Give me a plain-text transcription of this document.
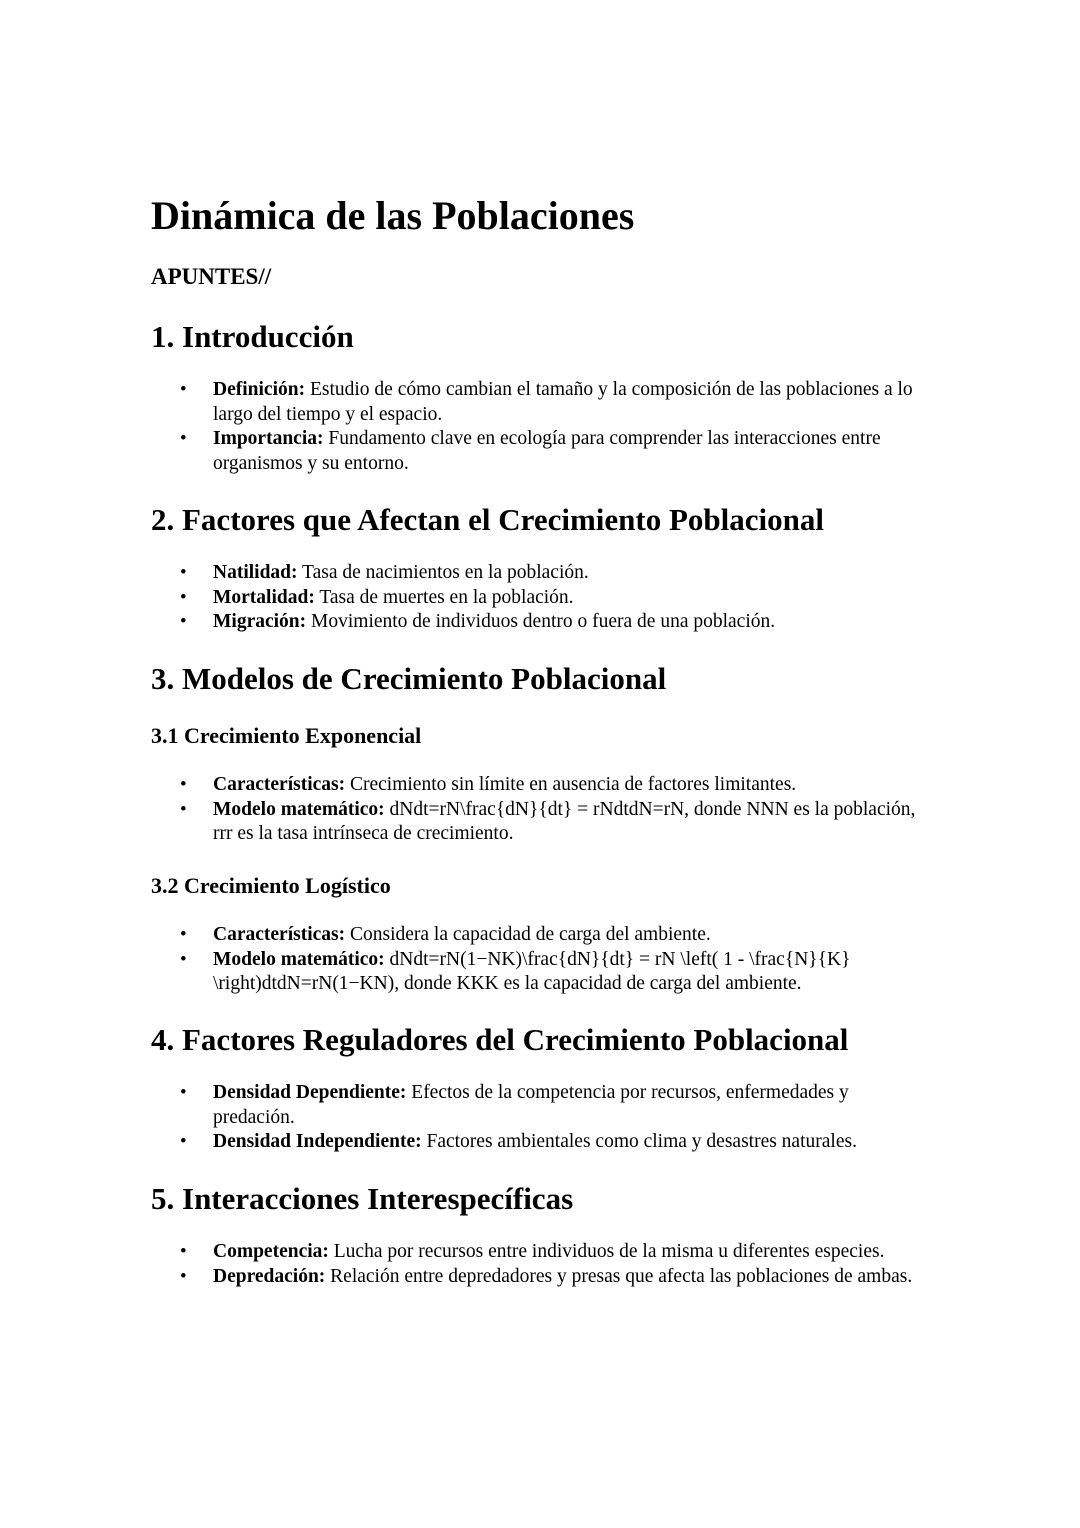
Dinámica de las Poblaciones
APUNTES//
1. Introducción
• Definición: Estudio de cómo cambian el tamaño y la composición de las poblaciones a lo largo del tiempo y el espacio.
• Importancia: Fundamento clave en ecología para comprender las interacciones entre organismos y su entorno.
2. Factores que Afectan el Crecimiento Poblacional
• Natilidad: Tasa de nacimientos en la población.
• Mortalidad: Tasa de muertes en la población.
• Migración: Movimiento de individuos dentro o fuera de una población.
3. Modelos de Crecimiento Poblacional
3.1 Crecimiento Exponencial
• Características: Crecimiento sin límite en ausencia de factores limitantes.
• Modelo matemático: dNdt=rN\frac{dN}{dt} = rNdtdN=rN, donde NNN es la población, rrr es la tasa intrínseca de crecimiento.
3.2 Crecimiento Logístico
• Características: Considera la capacidad de carga del ambiente.
• Modelo matemático: dNdt=rN(1−NK)\frac{dN}{dt} = rN \left( 1 - \frac{N}{K} \right)dtdN=rN(1−KN), donde KKK es la capacidad de carga del ambiente.
4. Factores Reguladores del Crecimiento Poblacional
• Densidad Dependiente: Efectos de la competencia por recursos, enfermedades y predación.
• Densidad Independiente: Factores ambientales como clima y desastres naturales.
5. Interacciones Interespecíficas
• Competencia: Lucha por recursos entre individuos de la misma u diferentes especies.
• Depredación: Relación entre depredadores y presas que afecta las poblaciones de ambas.
